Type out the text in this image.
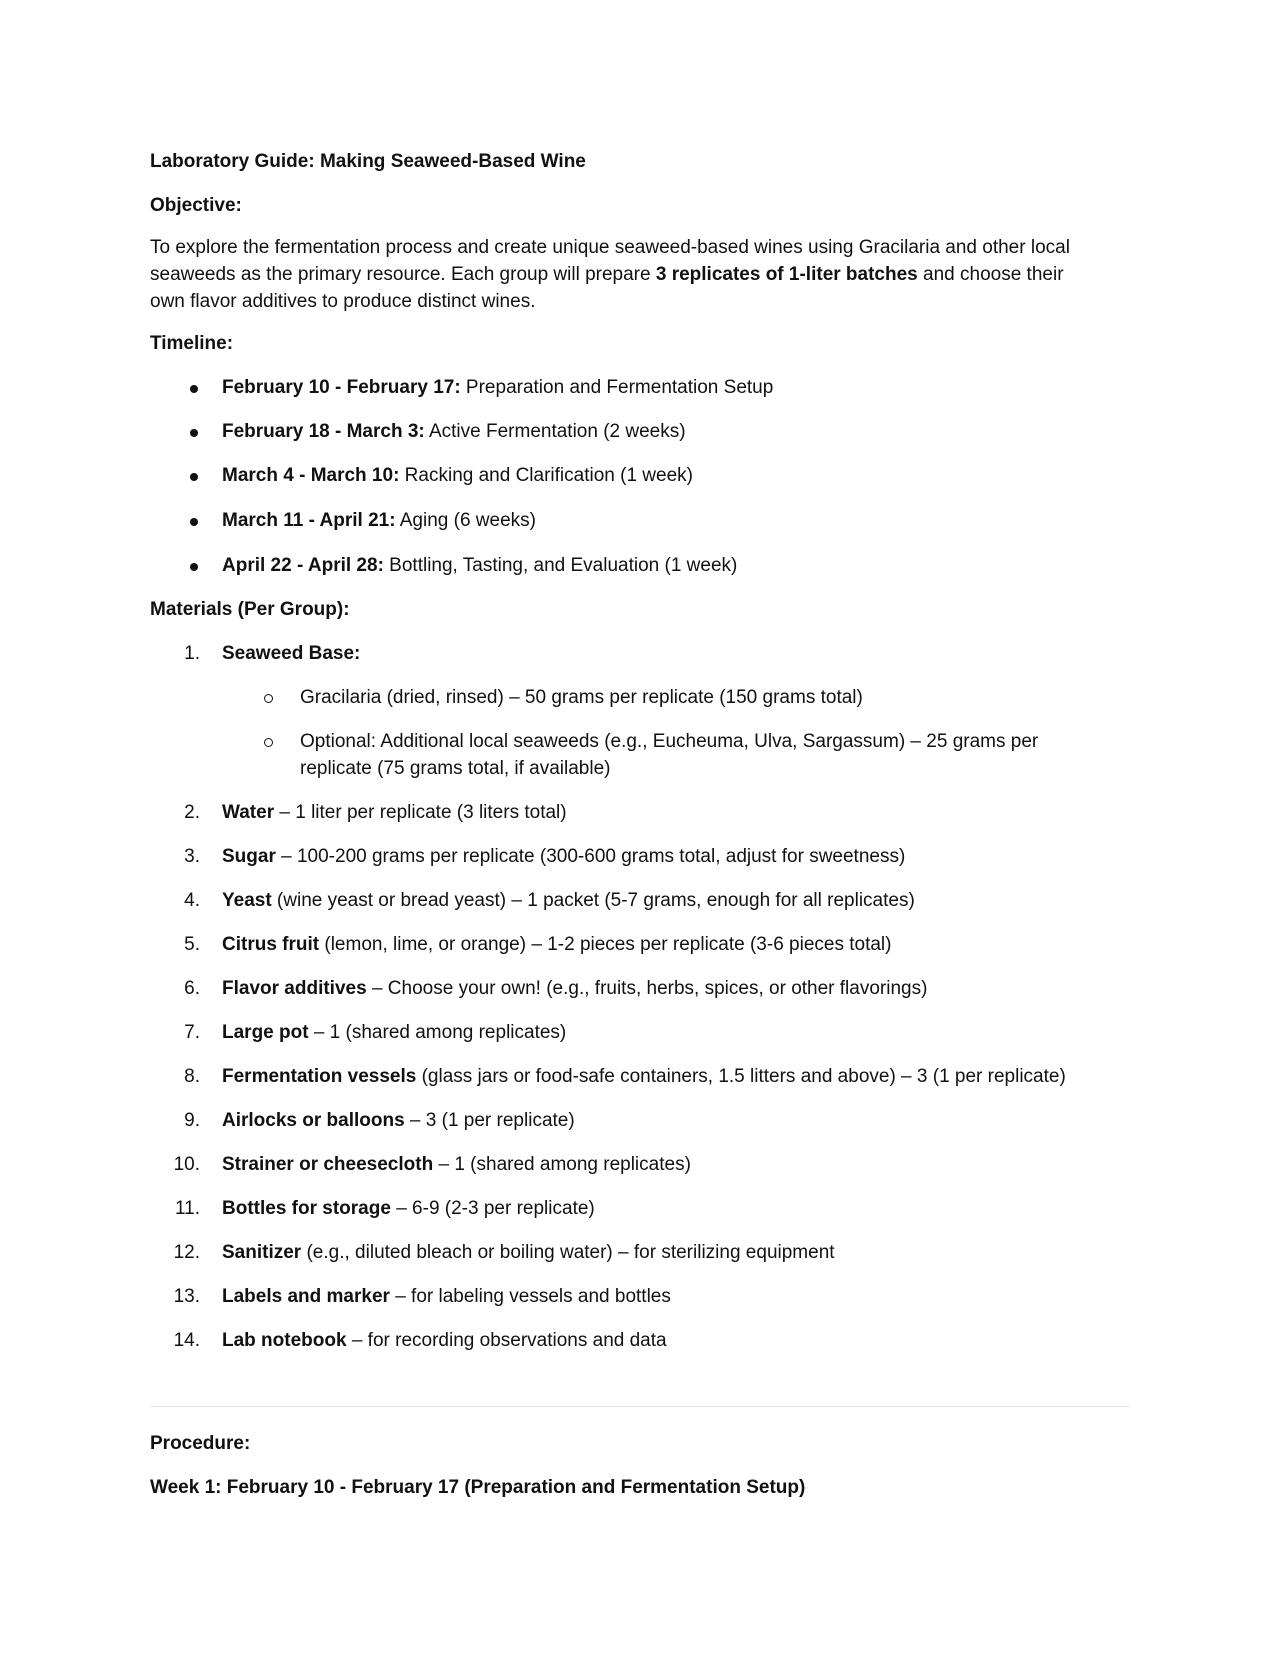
Laboratory Guide: Making Seaweed-Based Wine
Objective:
To explore the fermentation process and create unique seaweed-based wines using Gracilaria and other local
seaweeds as the primary resource. Each group will prepare 3 replicates of 1-liter batches and choose their
own flavor additives to produce distinct wines.
Timeline:
February 10 - February 17: Preparation and Fermentation Setup
February 18 - March 3: Active Fermentation (2 weeks)
March 4 - March 10: Racking and Clarification (1 week)
March 11 - April 21: Aging (6 weeks)
April 22 - April 28: Bottling, Tasting, and Evaluation (1 week)
Materials (Per Group):
1. Seaweed Base:
Gracilaria (dried, rinsed) – 50 grams per replicate (150 grams total)
Optional: Additional local seaweeds (e.g., Eucheuma, Ulva, Sargassum) – 25 grams per
replicate (75 grams total, if available)
2. Water – 1 liter per replicate (3 liters total)
3. Sugar – 100-200 grams per replicate (300-600 grams total, adjust for sweetness)
4. Yeast (wine yeast or bread yeast) – 1 packet (5-7 grams, enough for all replicates)
5. Citrus fruit (lemon, lime, or orange) – 1-2 pieces per replicate (3-6 pieces total)
6. Flavor additives – Choose your own! (e.g., fruits, herbs, spices, or other flavorings)
7. Large pot – 1 (shared among replicates)
8. Fermentation vessels (glass jars or food-safe containers, 1.5 litters and above) – 3 (1 per replicate)
9. Airlocks or balloons – 3 (1 per replicate)
10. Strainer or cheesecloth – 1 (shared among replicates)
11. Bottles for storage – 6-9 (2-3 per replicate)
12. Sanitizer (e.g., diluted bleach or boiling water) – for sterilizing equipment
13. Labels and marker – for labeling vessels and bottles
14. Lab notebook – for recording observations and data
Procedure:
Week 1: February 10 - February 17 (Preparation and Fermentation Setup)
